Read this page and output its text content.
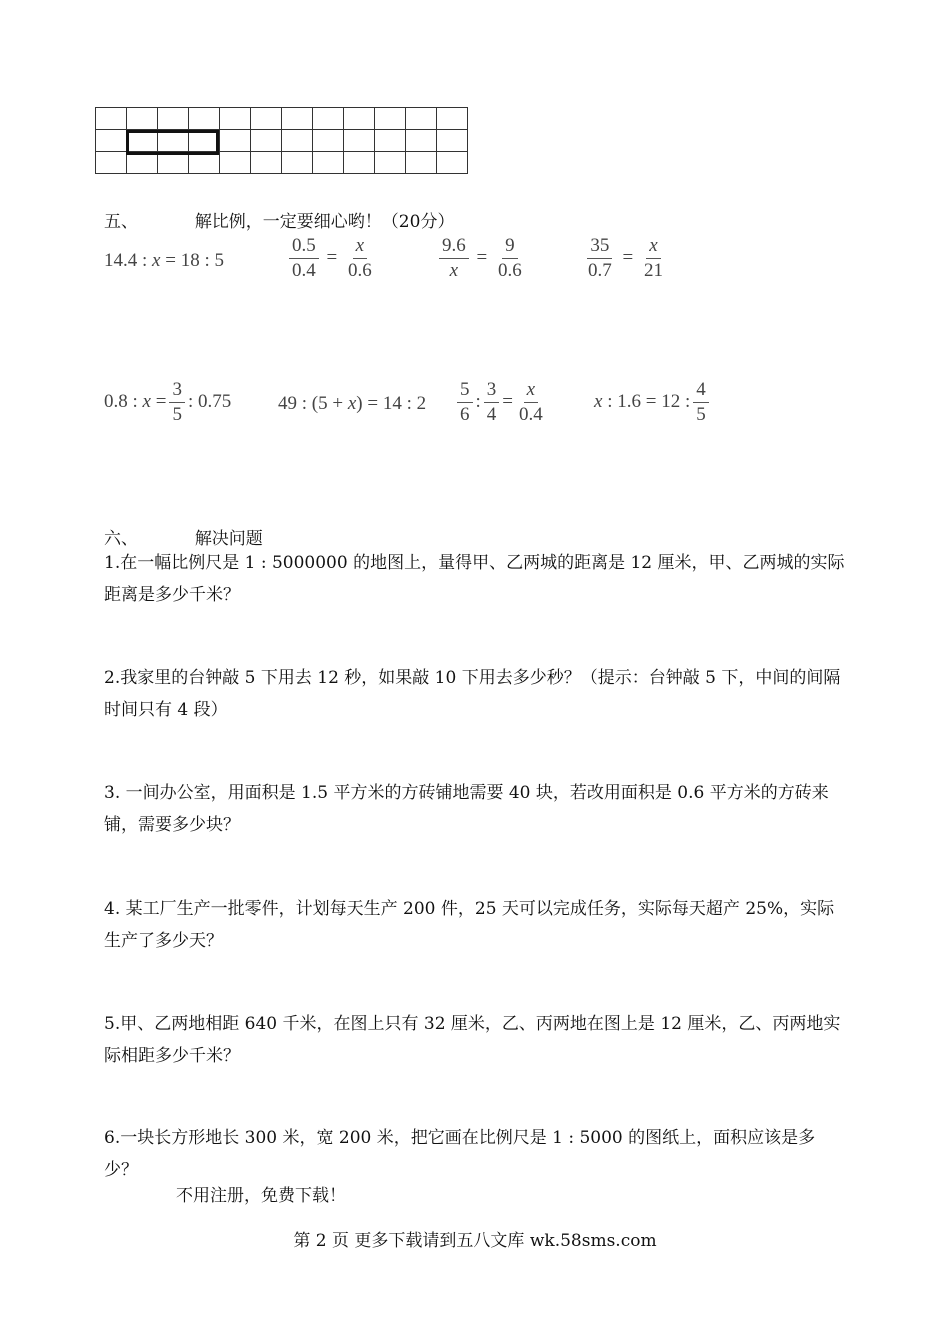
五、	解比例，一定要细心哟！（20分）
14.4 : x = 18 : 5	$\frac{0.5}{0.4} = \frac{x}{0.6}$	$\frac{9.6}{x} = \frac{9}{0.6}$	$\frac{35}{0.7} = \frac{x}{21}$
0.8 : $x = \frac{3}{5}$ : 0.75 49 : ( 5 + x ) = 14 : $2 \frac{5}{6}$ : $\frac{3}{4} = \frac{x}{0.4}$	x : 1.6 = 12 : $\frac{4}{5}$
六、	解决问题
1.在一幅比例尺是 1 : 5000000 的地图上，量得甲、乙两城的距离是 12 厘米，甲、乙两城的实际距离是多少千米？
2.我家里的台钟敲 5 下用去 12 秒，如果敲 10 下用去多少秒？（提示：台钟敲 5 下，中间的间隔时间只有 4 段）
3. 一间办公室，用面积是 1.5 平方米的方砖铺地需要 40 块，若改用面积是 0.6 平方米的方砖来铺，需要多少块？
4. 某工厂生产一批零件，计划每天生产 200 件，25 天可以完成任务，实际每天超产 25%，实际生产了多少天？
5.甲、乙两地相距 640 千米，在图上只有 32 厘米，乙、丙两地在图上是 12 厘米，乙、丙两地实际相距多少千米？
6.一块长方形地长 300 米，宽 200 米，把它画在比例尺是 1 : 5000 的图纸上，面积应该是多少？
不用注册，免费下载！
第 2 页 更多下载请到五八文库 wk.58sms.com
